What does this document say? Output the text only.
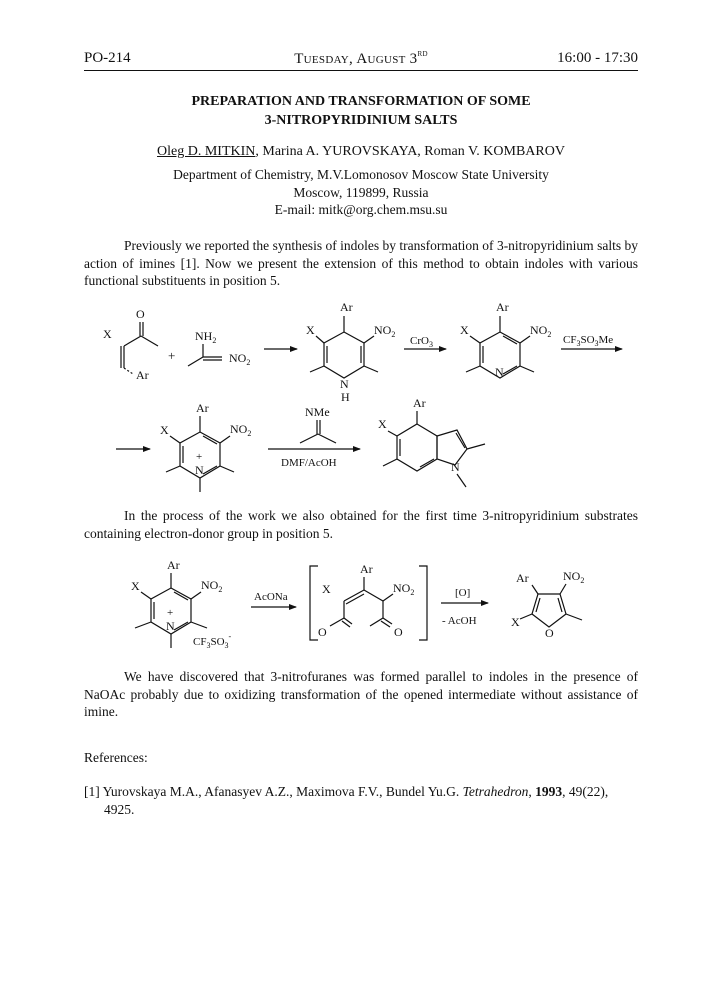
PO-214	Tuesday, August 3RD	16:00 - 17:30
PREPARATION AND TRANSFORMATION OF SOME
3-NITROPYRIDINIUM SALTS
Oleg D. MITKIN, Marina A. YUROVSKAYA, Roman V. KOMBAROV
Department of Chemistry, M.V.Lomonosov Moscow State University
Moscow, 119899, Russia
E-mail: mitk@org.chem.msu.su
Previously we reported the synthesis of indoles by transformation of 3-nitropyridinium salts by action of imines [1]. Now we present the extension of this method to obtain indoles with various functional substituents in position 5.
In the process of the work we also obtained for the first time 3-nitropyridinium substrates containing electron-donor group in position 5.
We have discovered that 3-nitrofuranes was formed parallel to indoles in the presence of NaOAc probably due to oxidizing transformation of the opened intermediate without assistance of imine.
References:
[1] Yurovskaya M.A., Afanasyev A.Z., Maximova F.V., Bundel Yu.G. Tetrahedron, 1993, 49(22), 4925.
O
X
Ar
+
$NH_2$
$NO_2$
Ar
X	$NO_2$
N
H
CrO$_3$
Ar
X	$NO_2$
N
$CF_3SO_3Me$
Ar
X	$NO_2$
+
N
NMe
DMF/AcOH
Ar
X
N
Ar
X	$NO_2$
+
N
$CF_3SO_3^-$
AcONa
Ar
X	$NO_2$
O	O
[O]
- AcOH
Ar	$NO_2$
X
O
